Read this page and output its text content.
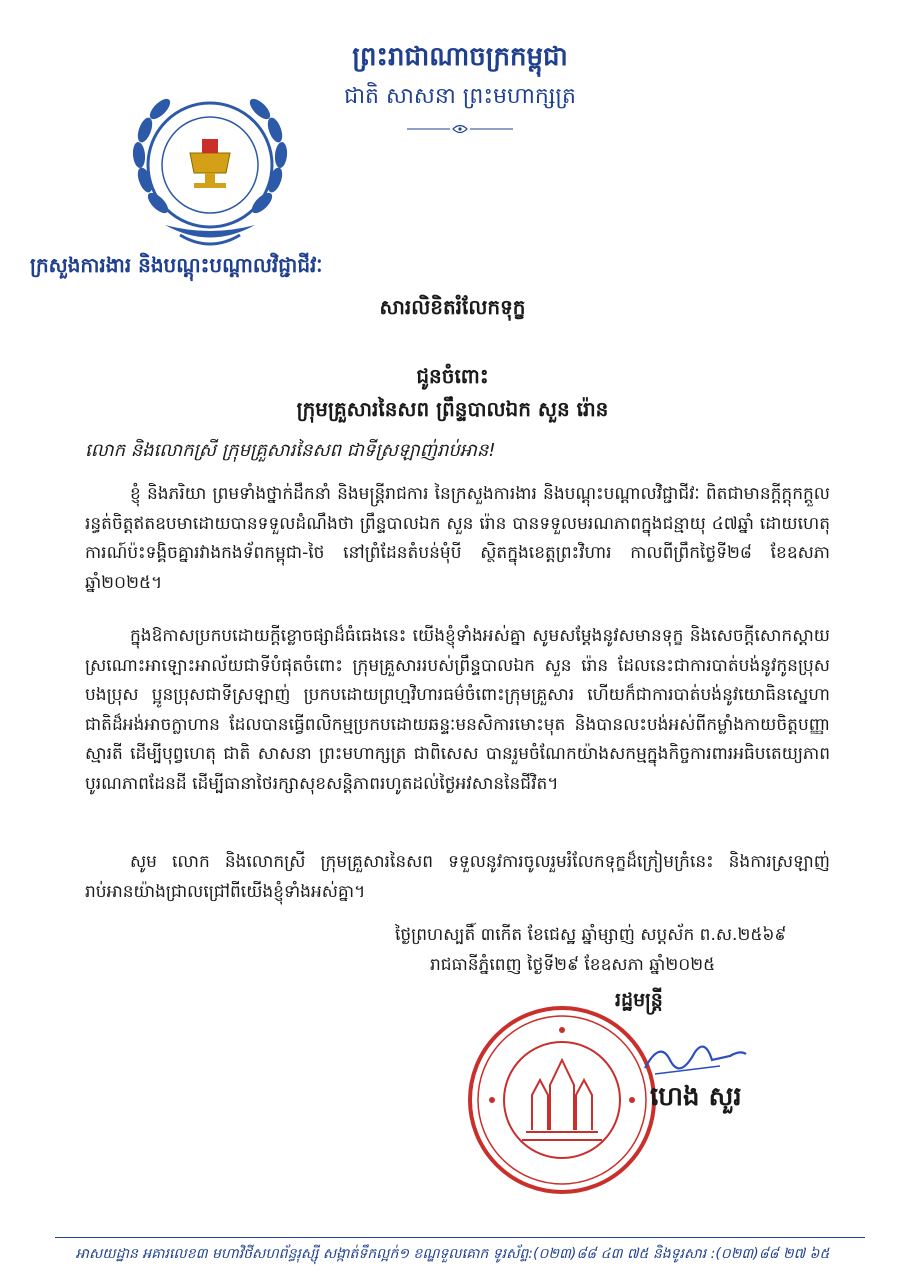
ព្រះរាជាណាចក្រកម្ពុជា
ជាតិ សាសនា ព្រះមហាក្សត្រ
ក្រសួងការងារ និងបណ្តុះបណ្តាលវិជ្ជាជីវៈ
សារលិខិតរំលែកទុក្ខ
ជូនចំពោះ
ក្រុមគ្រួសារនៃសព ព្រឹន្ទបាលឯក សួន រ៉ោន
លោក និងលោកស្រី ក្រុមគ្រួសារនៃសព ជាទីស្រឡាញ់រាប់អាន!

ខ្ញុំ និងភរិយា ព្រមទាំងថ្នាក់ដឹកនាំ និងមន្ត្រីរាជការ នៃក្រសួងការងារ និងបណ្តុះបណ្តាលវិជ្ជាជីវៈ ពិតជាមានក្តីក្តុកក្តួលរន្ធត់ចិត្តឥតឧបមាដោយបានទទួលដំណឹងថា ព្រឹន្ទបាលឯក សួន រ៉ោន បានទទួលមរណភាពក្នុងជន្មាយុ ៤៧ឆ្នាំ ដោយហេតុការណ៍ប៉ះទង្គិចគ្នារវាងកងទ័ពកម្ពុជា-ថៃ នៅព្រំដែនតំបន់មុំបី ស្ថិតក្នុងខេត្តព្រះវិហារ កាលពីព្រឹកថ្ងៃទី២៨ ខែឧសភា ឆ្នាំ២០២៥។

ក្នុងឱកាសប្រកបដោយក្តីខ្លោចផ្សាដ៏ធំធេងនេះ យើងខ្ញុំទាំងអស់គ្នា សូមសម្តែងនូវសមានទុក្ខ និងសេចក្តីសោកស្តាយស្រណោះអាឡោះអាល័យជាទីបំផុតចំពោះ ក្រុមគ្រួសាររបស់ព្រឹន្ទបាលឯក សួន រ៉ោន ដែលនេះជាការបាត់បង់នូវកូនប្រុស បងប្រុស ប្អូនប្រុសជាទីស្រឡាញ់ ប្រកបដោយព្រហ្មវិហារធម៌ចំពោះក្រុមគ្រួសារ ហើយក៏ជាការបាត់បង់នូវយោធិនស្នេហាជាតិដ៏អង់អាចក្លាហាន ដែលបានធ្វើពលិកម្មប្រកបដោយឆន្ទៈមនសិការមោះមុត និងបានលះបង់អស់ពីកម្លាំងកាយចិត្តបញ្ញាស្មារតី ដើម្បីបុព្វហេតុ ជាតិ សាសនា ព្រះមហាក្សត្រ ជាពិសេស បានរួមចំណែកយ៉ាងសកម្មក្នុងកិច្ចការពារអធិបតេយ្យភាព បូរណភាពដែនដី ដើម្បីធានាថៃរក្សាសុខសន្តិភាពរហូតដល់ថ្ងៃអវសាននៃជីវិត។

សូម លោក និងលោកស្រី ក្រុមគ្រួសារនៃសព ទទួលនូវការចូលរួមរំលែកទុក្ខដ៏ក្រៀមក្រំនេះ និងការស្រឡាញ់រាប់អានយ៉ាងជ្រាលជ្រៅពីយើងខ្ញុំទាំងអស់គ្នា។

ថ្ងៃព្រហស្បតិ៍ ៣កើត ខែជេស្ឋ ឆ្នាំម្សាញ់ សប្តស័ក ព.ស.២៥៦៩
រាជធានីភ្នំពេញ ថ្ងៃទី២៩ ខែឧសភា ឆ្នាំ២០២៥
រដ្ឋមន្ត្រី
ហេង សួរ
អាសយដ្ឋាន អគារលេខ៣ មហាវិថីសហព័ន្ធរុស្ស៊ី សង្កាត់ទឹកល្អក់១ ខណ្ឌទួលគោក ទូរស័ព្ទ:(០២៣)៨៨ ៤៣ ៧៥ និងទូរសារ :(០២៣)៨៨ ២៧ ៦៥
